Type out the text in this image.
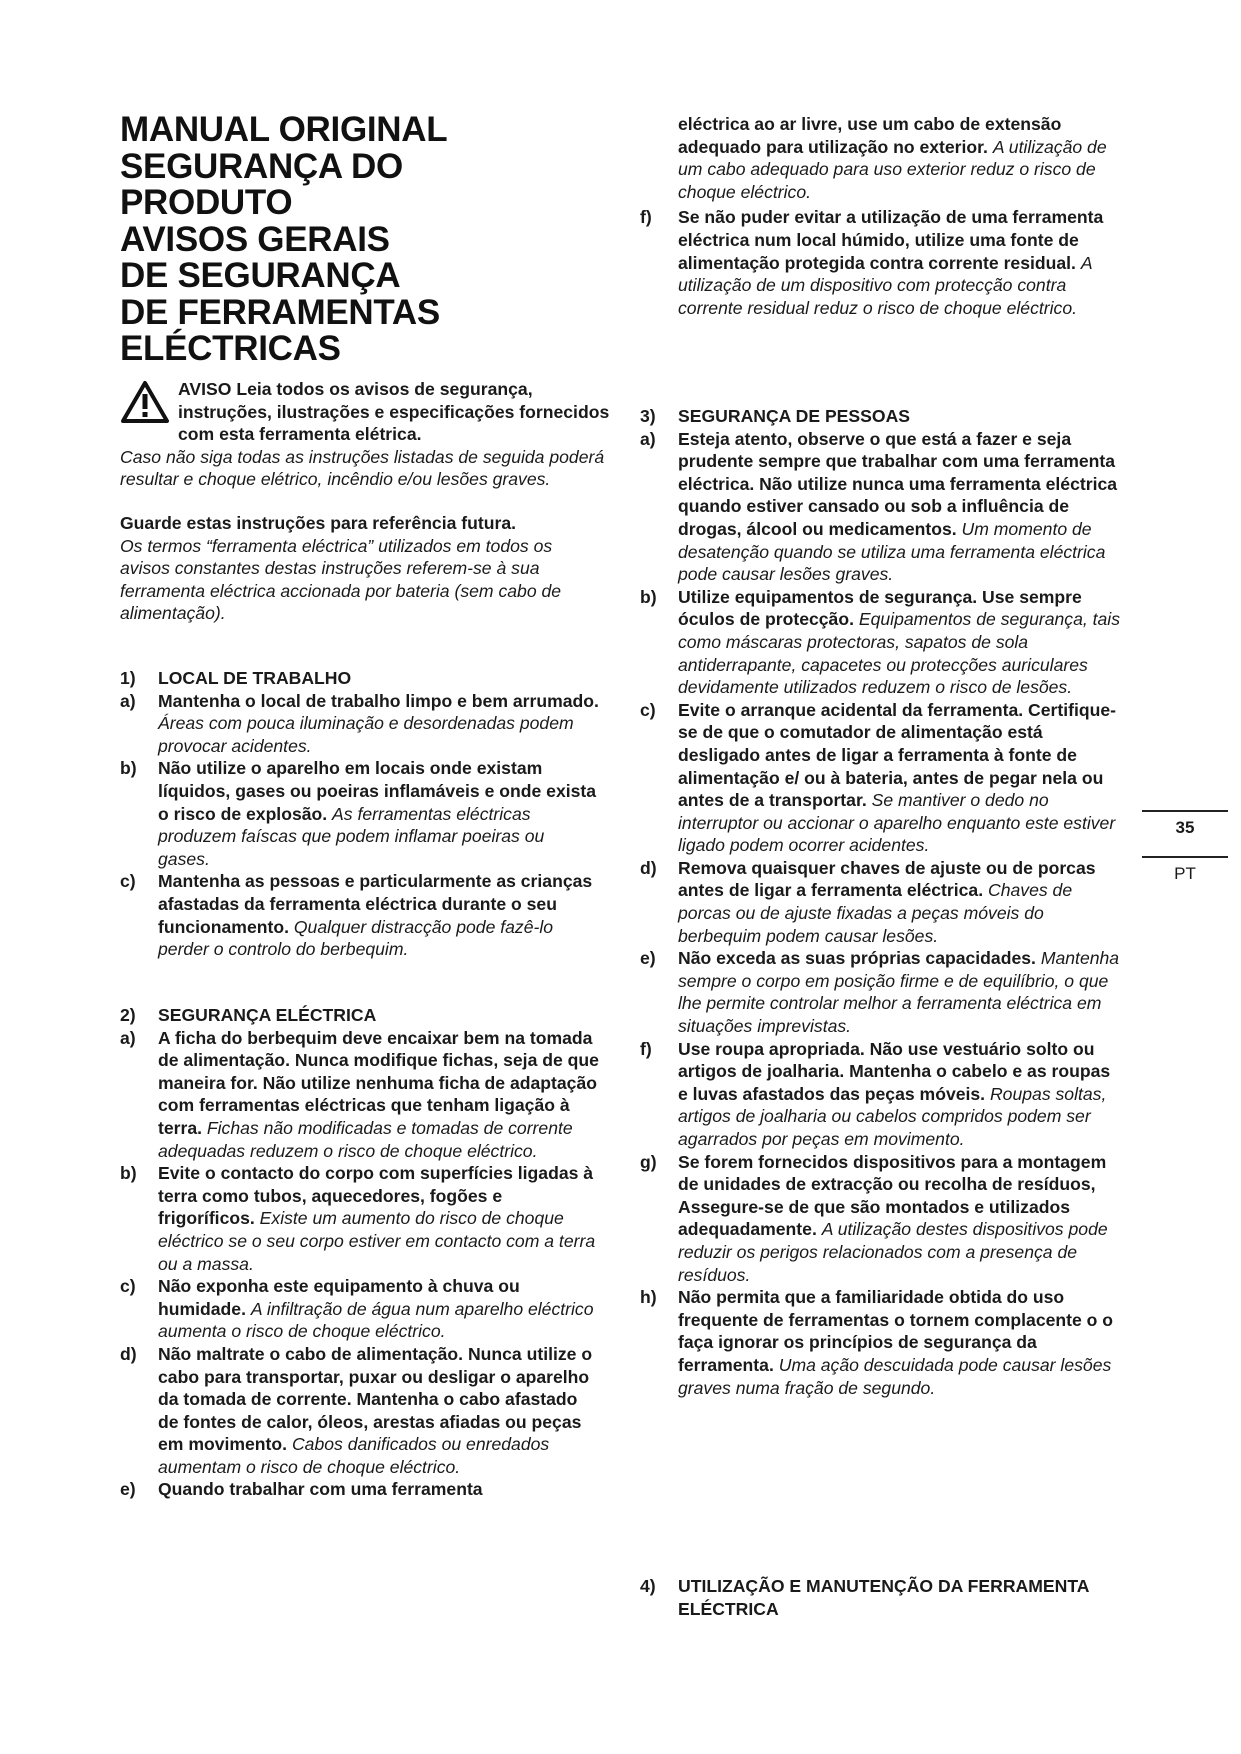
MANUAL ORIGINAL
SEGURANÇA DO
PRODUTO
AVISOS GERAIS
DE SEGURANÇA
DE FERRAMENTAS
ELÉCTRICAS
AVISO Leia todos os avisos de segurança, instruções, ilustrações e especificações fornecidos com esta ferramenta elétrica.
Caso não siga todas as instruções listadas de seguida poderá resultar e choque elétrico, incêndio e/ou lesões graves.
Guarde estas instruções para referência futura.
Os termos “ferramenta eléctrica” utilizados em todos os avisos constantes destas instruções referem-se à sua ferramenta eléctrica accionada por bateria (sem cabo de alimentação).
1) LOCAL DE TRABALHO
a) Mantenha o local de trabalho limpo e bem arrumado. Áreas com pouca iluminação e desordenadas podem provocar acidentes.
b) Não utilize o aparelho em locais onde existam líquidos, gases ou poeiras inflamáveis e onde exista o risco de explosão. As ferramentas eléctricas produzem faíscas que podem inflamar poeiras ou gases.
c) Mantenha as pessoas e particularmente as crianças afastadas da ferramenta eléctrica durante o seu funcionamento. Qualquer distracção pode fazê-lo perder o controlo do berbequim.
2) SEGURANÇA ELÉCTRICA
a) A ficha do berbequim deve encaixar bem na tomada de alimentação. Nunca modifique fichas, seja de que maneira for. Não utilize nenhuma ficha de adaptação com ferramentas eléctricas que tenham ligação à terra. Fichas não modificadas e tomadas de corrente adequadas reduzem o risco de choque eléctrico.
b) Evite o contacto do corpo com superfícies ligadas à terra como tubos, aquecedores, fogões e frigoríficos. Existe um aumento do risco de choque eléctrico se o seu corpo estiver em contacto com a terra ou a massa.
c) Não exponha este equipamento à chuva ou humidade. A infiltração de água num aparelho eléctrico aumenta o risco de choque eléctrico.
d) Não maltrate o cabo de alimentação. Nunca utilize o cabo para transportar, puxar ou desligar o aparelho da tomada de corrente. Mantenha o cabo afastado de fontes de calor, óleos, arestas afiadas ou peças em movimento. Cabos danificados ou enredados aumentam o risco de choque eléctrico.
e) Quando trabalhar com uma ferramenta
eléctrica ao ar livre, use um cabo de extensão adequado para utilização no exterior. A utilização de um cabo adequado para uso exterior reduz o risco de choque eléctrico.
f) Se não puder evitar a utilização de uma ferramenta eléctrica num local húmido, utilize uma fonte de alimentação protegida contra corrente residual. A utilização de um dispositivo com protecção contra corrente residual reduz o risco de choque eléctrico.
3) SEGURANÇA DE PESSOAS
a) Esteja atento, observe o que está a fazer e seja prudente sempre que trabalhar com uma ferramenta eléctrica. Não utilize nunca uma ferramenta eléctrica quando estiver cansado ou sob a influência de drogas, álcool ou medicamentos. Um momento de desatenção quando se utiliza uma ferramenta eléctrica pode causar lesões graves.
b) Utilize equipamentos de segurança. Use sempre óculos de protecção. Equipamentos de segurança, tais como máscaras protectoras, sapatos de sola antiderrapante, capacetes ou protecções auriculares devidamente utilizados reduzem o risco de lesões.
c) Evite o arranque acidental da ferramenta. Certifique-se de que o comutador de alimentação está desligado antes de ligar a ferramenta à fonte de alimentação e/ ou à bateria, antes de pegar nela ou antes de a transportar. Se mantiver o dedo no interruptor ou accionar o aparelho enquanto este estiver ligado podem ocorrer acidentes.
d) Remova quaisquer chaves de ajuste ou de porcas antes de ligar a ferramenta eléctrica. Chaves de porcas ou de ajuste fixadas a peças móveis do berbequim podem causar lesões.
e) Não exceda as suas próprias capacidades. Mantenha sempre o corpo em posição firme e de equilíbrio, o que lhe permite controlar melhor a ferramenta eléctrica em situações imprevistas.
f) Use roupa apropriada. Não use vestuário solto ou artigos de joalharia. Mantenha o cabelo e as roupas e luvas afastados das peças móveis. Roupas soltas, artigos de joalharia ou cabelos compridos podem ser agarrados por peças em movimento.
g) Se forem fornecidos dispositivos para a montagem de unidades de extracção ou recolha de resíduos, Assegure-se de que são montados e utilizados adequadamente. A utilização destes dispositivos pode reduzir os perigos relacionados com a presença de resíduos.
h) Não permita que a familiaridade obtida do uso frequente de ferramentas o tornem complacente o o faça ignorar os princípios de segurança da ferramenta. Uma ação descuidada pode causar lesões graves numa fração de segundo.
4) UTILIZAÇÃO E MANUTENÇÃO DA FERRAMENTA ELÉCTRICA
35
PT
